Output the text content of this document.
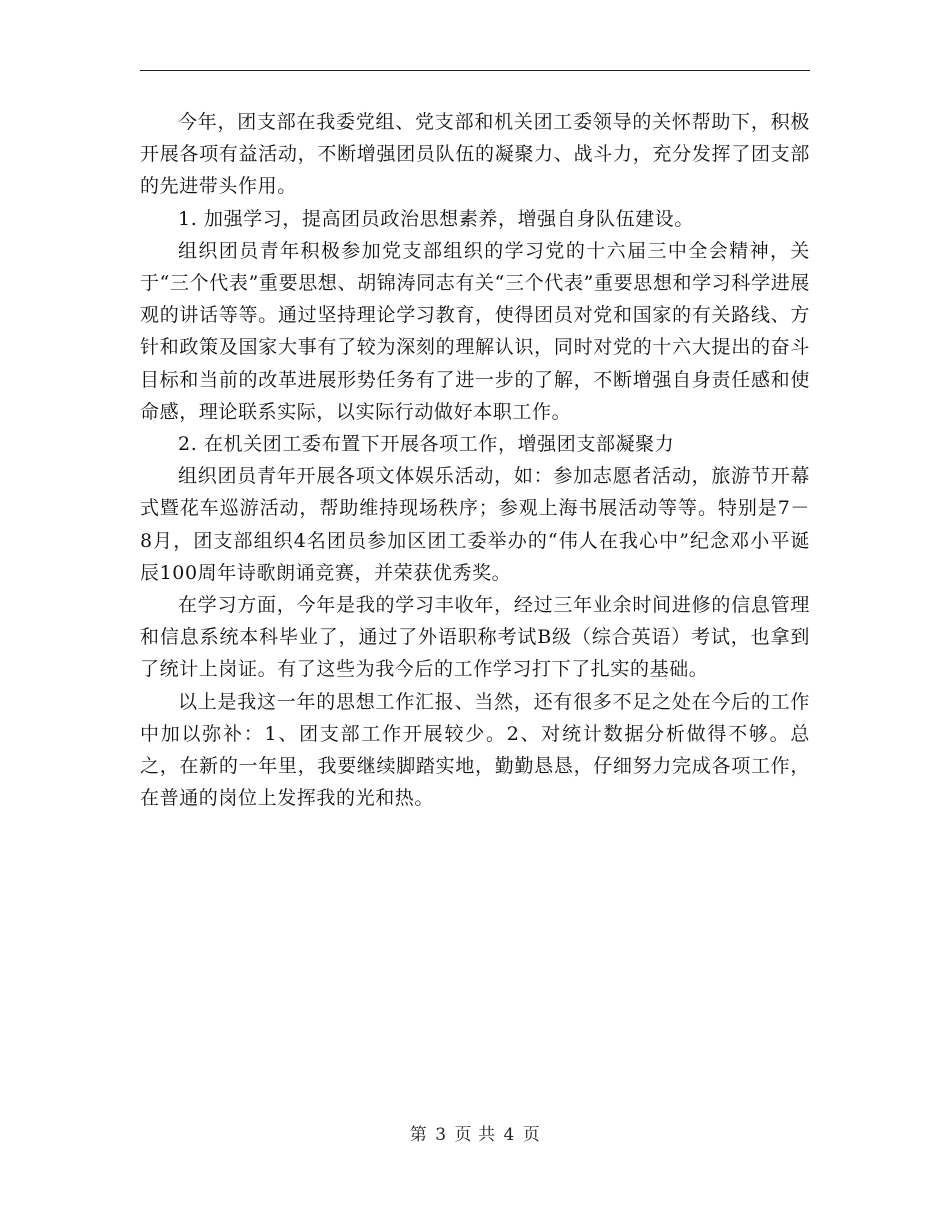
今年，团支部在我委党组、党支部和机关团工委领导的关怀帮助下，积极开展各项有益活动，不断增强团员队伍的凝聚力、战斗力，充分发挥了团支部的先进带头作用。

1. 加强学习，提高团员政治思想素养，增强自身队伍建设。

组织团员青年积极参加党支部组织的学习党的十六届三中全会精神，关于“三个代表”重要思想、胡锦涛同志有关“三个代表”重要思想和学习科学进展观的讲话等等。通过坚持理论学习教育，使得团员对党和国家的有关路线、方针和政策及国家大事有了较为深刻的理解认识，同时对党的十六大提出的奋斗目标和当前的改革进展形势任务有了进一步的了解，不断增强自身责任感和使命感，理论联系实际，以实际行动做好本职工作。

2. 在机关团工委布置下开展各项工作，增强团支部凝聚力

组织团员青年开展各项文体娱乐活动，如：参加志愿者活动，旅游节开幕式暨花车巡游活动，帮助维持现场秩序；参观上海书展活动等等。特别是7－8月，团支部组织4名团员参加区团工委举办的“伟人在我心中”纪念邓小平诞辰100周年诗歌朗诵竞赛，并荣获优秀奖。

在学习方面，今年是我的学习丰收年，经过三年业余时间进修的信息管理和信息系统本科毕业了，通过了外语职称考试B级（综合英语）考试，也拿到了统计上岗证。有了这些为我今后的工作学习打下了扎实的基础。

以上是我这一年的思想工作汇报、当然，还有很多不足之处在今后的工作中加以弥补：1、团支部工作开展较少。2、对统计数据分析做得不够。总之，在新的一年里，我要继续脚踏实地，勤勤恳恳，仔细努力完成各项工作，在普通的岗位上发挥我的光和热。

第 3 页 共 4 页
